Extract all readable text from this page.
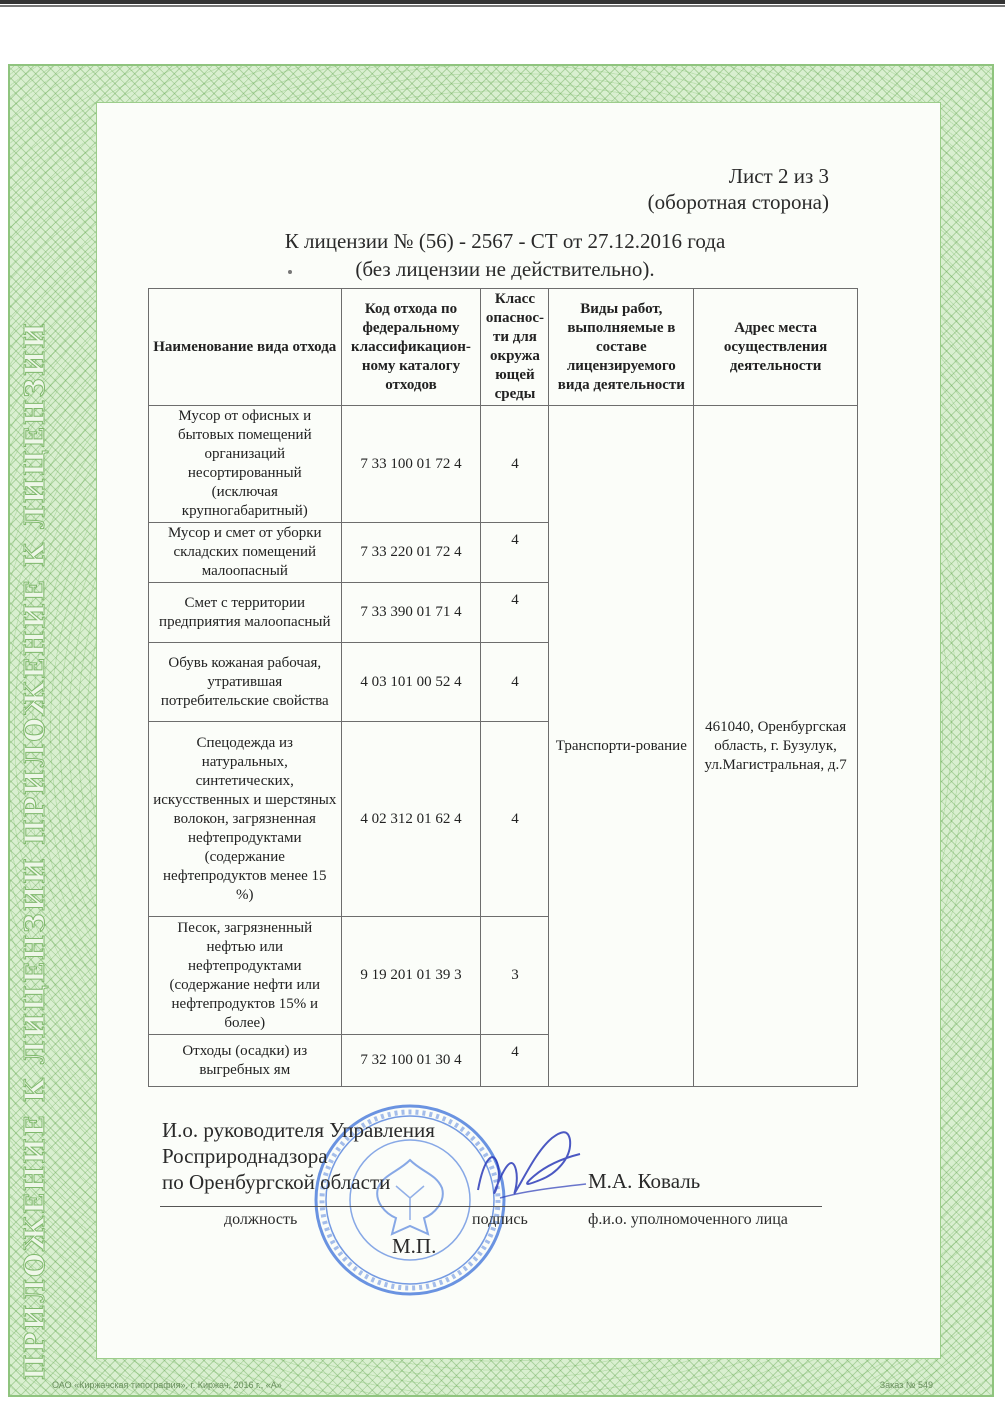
ПРИЛОЖЕНИЕ К ЛИЦЕНЗИИ ПРИЛОЖЕНИЕ К ЛИЦЕНЗИИ
Лист 2 из 3
(оборотная сторона)
К лицензии № (56) - 2567 - СТ от 27.12.2016 года
(без лицензии не действительно).
Наименование вида отхода	Код отхода по федеральному классификацион-ному каталогу отходов	Класс опаснос-ти для окружа ющей среды	Виды работ, выполняемые в составе лицензируемого вида деятельности	Адрес места осуществления деятельности
Мусор от офисных и бытовых помещений организаций несортированный (исключая крупногабаритный)	7 33 100 01 72 4	4	Транспорти-рование	461040, Оренбургская область, г. Бузулук, ул.Магистральная, д.7
Мусор и смет от уборки складских помещений малоопасный	7 33 220 01 72 4	4		
Смет с территории предприятия малоопасный	7 33 390 01 71 4	4		
Обувь кожаная рабочая, утратившая потребительские свойства	4 03 101 00 52 4	4		
Спецодежда из натуральных, синтетических, искусственных и шерстяных волокон, загрязненная нефтепродуктами (содержание нефтепродуктов менее 15 %)	4 02 312 01 62 4	4		
Песок, загрязненный нефтью или нефтепродуктами (содержание нефти или нефтепродуктов 15% и более)	9 19 201 01 39 3	3		
Отходы (осадки) из выгребных ям	7 32 100 01 30 4	4		
И.о. руководителя Управления
Росприроднадзора
по Оренбургской области	М.А. Коваль
должность	подпись	ф.и.о. уполномоченного лица
М.П.
ОАО «Киржачская типография», г. Киржач, 2016 г., «А»	Заказ № 549
